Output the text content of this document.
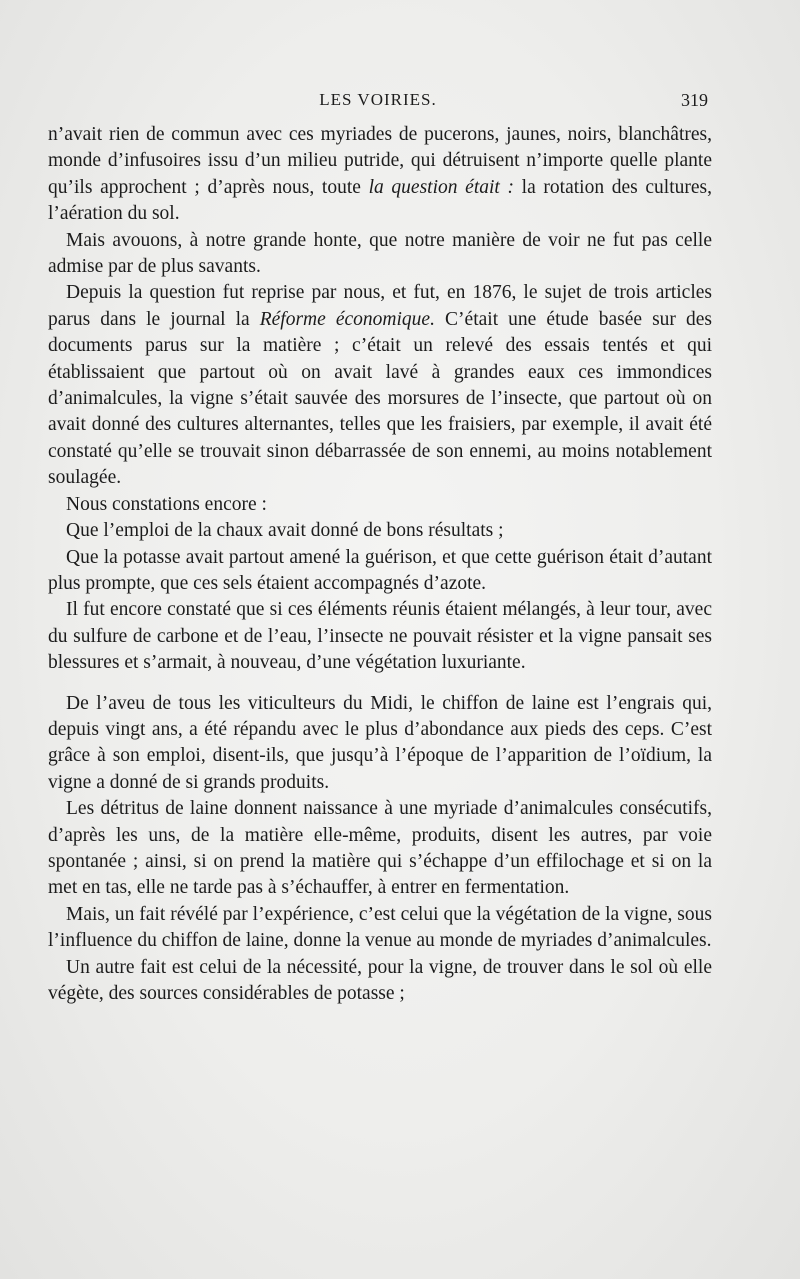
LES VOIRIES.	319

n’avait rien de commun avec ces myriades de pucerons, jaunes, noirs, blanchâtres, monde d’infusoires issu d’un milieu putride, qui détruisent n’importe quelle plante qu’ils approchent ; d’après nous, toute la question était : la rotation des cultures, l’aération du sol.

Mais avouons, à notre grande honte, que notre manière de voir ne fut pas celle admise par de plus savants.

Depuis la question fut reprise par nous, et fut, en 1876, le sujet de trois articles parus dans le journal la Réforme économique. C’était une étude basée sur des documents parus sur la matière ; c’était un relevé des essais tentés et qui établissaient que partout où on avait lavé à grandes eaux ces immondices d’animalcules, la vigne s’était sauvée des morsures de l’insecte, que partout où on avait donné des cultures alternantes, telles que les fraisiers, par exemple, il avait été constaté qu’elle se trouvait sinon débarrassée de son ennemi, au moins notablement soulagée.

Nous constations encore :

Que l’emploi de la chaux avait donné de bons résultats ;

Que la potasse avait partout amené la guérison, et que cette guérison était d’autant plus prompte, que ces sels étaient accompagnés d’azote.

Il fut encore constaté que si ces éléments réunis étaient mélangés, à leur tour, avec du sulfure de carbone et de l’eau, l’insecte ne pouvait résister et la vigne pansait ses blessures et s’armait, à nouveau, d’une végétation luxuriante.

De l’aveu de tous les viticulteurs du Midi, le chiffon de laine est l’engrais qui, depuis vingt ans, a été répandu avec le plus d’abondance aux pieds des ceps. C’est grâce à son emploi, disent-ils, que jusqu’à l’époque de l’apparition de l’oïdium, la vigne a donné de si grands produits.

Les détritus de laine donnent naissance à une myriade d’animalcules consécutifs, d’après les uns, de la matière elle-même, produits, disent les autres, par voie spontanée ; ainsi, si on prend la matière qui s’échappe d’un effilochage et si on la met en tas, elle ne tarde pas à s’échauffer, à entrer en fermentation.

Mais, un fait révélé par l’expérience, c’est celui que la végétation de la vigne, sous l’influence du chiffon de laine, donne la venue au monde de myriades d’animalcules.

Un autre fait est celui de la nécessité, pour la vigne, de trouver dans le sol où elle végète, des sources considérables de potasse ;
